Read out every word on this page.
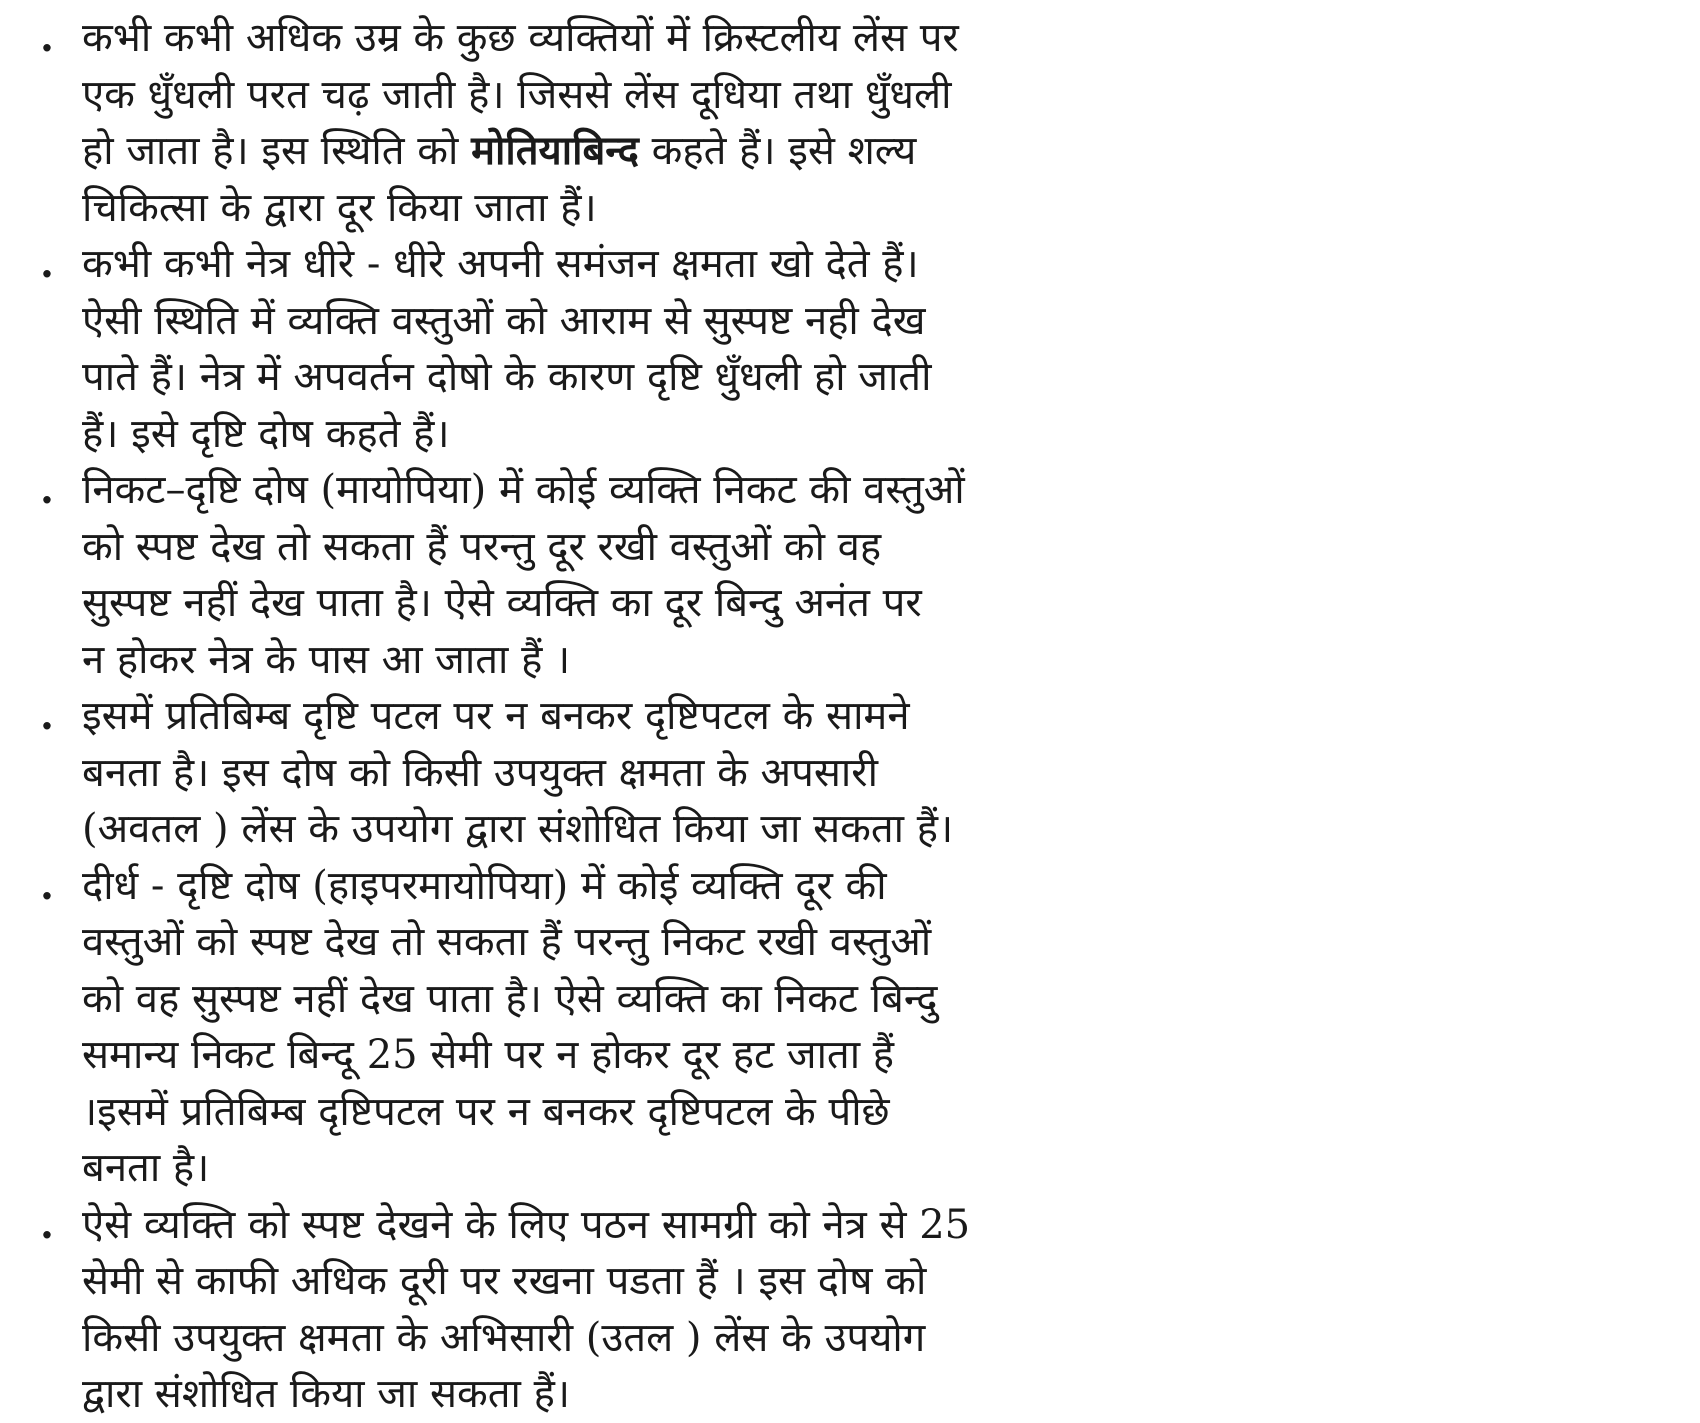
. कभी कभी अधिक उम्र के कुछ व्यक्तियों में क्रिस्टलीय लेंस पर
एक धुँधली परत चढ़ जाती है। जिससे लेंस दूधिया तथा धुँधली
हो जाता है। इस स्थिति को मोतियाबिन्द कहते हैं। इसे शल्य
चिकित्सा के द्वारा दूर किया जाता हैं।
. कभी कभी नेत्र धीरे - धीरे अपनी समंजन क्षमता खो देते हैं।
ऐसी स्थिति में व्यक्ति वस्तुओं को आराम से सुस्पष्ट नही देख
पाते हैं। नेत्र में अपवर्तन दोषो के कारण दृष्टि धुँधली हो जाती
हैं। इसे दृष्टि दोष कहते हैं।
. निकट–दृष्टि दोष (मायोपिया) में कोई व्यक्ति निकट की वस्तुओं
को स्पष्ट देख तो सकता हैं परन्तु दूर रखी वस्तुओं को वह
सुस्पष्ट नहीं देख पाता है। ऐसे व्यक्ति का दूर बिन्दु अनंत पर
न होकर नेत्र के पास आ जाता हैं ।
. इसमें प्रतिबिम्ब दृष्टि पटल पर न बनकर दृष्टिपटल के सामने
बनता है। इस दोष को किसी उपयुक्त क्षमता के अपसारी
(अवतल ) लेंस के उपयोग द्वारा संशोधित किया जा सकता हैं।
. दीर्ध - दृष्टि दोष (हाइपरमायोपिया) में कोई व्यक्ति दूर की
वस्तुओं को स्पष्ट देख तो सकता हैं परन्तु निकट रखी वस्तुओं
को वह सुस्पष्ट नहीं देख पाता है। ऐसे व्यक्ति का निकट बिन्दु
समान्य निकट बिन्दू 25 सेमी पर न होकर दूर हट जाता हैं
।इसमें प्रतिबिम्ब दृष्टिपटल पर न बनकर दृष्टिपटल के पीछे
बनता है।
. ऐसे व्यक्ति को स्पष्ट देखने के लिए पठन सामग्री को नेत्र से 25
सेमी से काफी अधिक दूरी पर रखना पडता हैं । इस दोष को
किसी उपयुक्त क्षमता के अभिसारी (उतल ) लेंस के उपयोग
द्वारा संशोधित किया जा सकता हैं।
